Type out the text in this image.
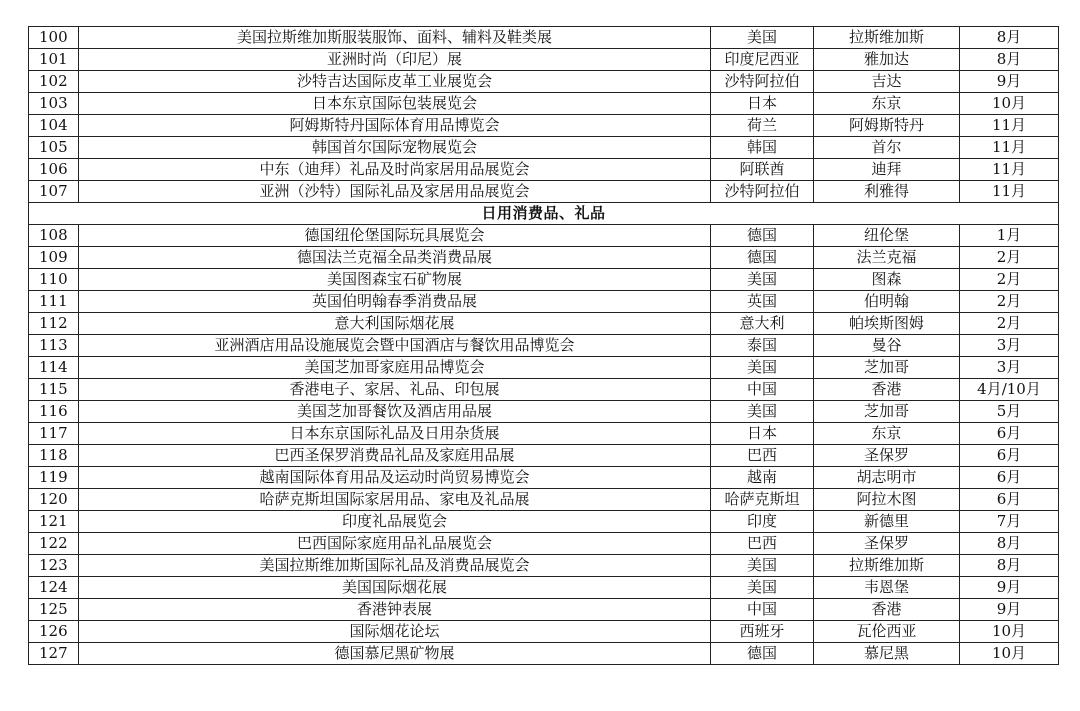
100	美国拉斯维加斯服装服饰、面料、辅料及鞋类展	美国	拉斯维加斯	8月
101	亚洲时尚（印尼）展	印度尼西亚	雅加达	8月
102	沙特吉达国际皮革工业展览会	沙特阿拉伯	吉达	9月
103	日本东京国际包装展览会	日本	东京	10月
104	阿姆斯特丹国际体育用品博览会	荷兰	阿姆斯特丹	11月
105	韩国首尔国际宠物展览会	韩国	首尔	11月
106	中东（迪拜）礼品及时尚家居用品展览会	阿联酋	迪拜	11月
107	亚洲（沙特）国际礼品及家居用品展览会	沙特阿拉伯	利雅得	11月
日用消费品、礼品				
108	德国纽伦堡国际玩具展览会	德国	纽伦堡	1月
109	德国法兰克福全品类消费品展	德国	法兰克福	2月
110	美国图森宝石矿物展	美国	图森	2月
111	英国伯明翰春季消费品展	英国	伯明翰	2月
112	意大利国际烟花展	意大利	帕埃斯图姆	2月
113	亚洲酒店用品设施展览会暨中国酒店与餐饮用品博览会	泰国	曼谷	3月
114	美国芝加哥家庭用品博览会	美国	芝加哥	3月
115	香港电子、家居、礼品、印包展	中国	香港	4月/10月
116	美国芝加哥餐饮及酒店用品展	美国	芝加哥	5月
117	日本东京国际礼品及日用杂货展	日本	东京	6月
118	巴西圣保罗消费品礼品及家庭用品展	巴西	圣保罗	6月
119	越南国际体育用品及运动时尚贸易博览会	越南	胡志明市	6月
120	哈萨克斯坦国际家居用品、家电及礼品展	哈萨克斯坦	阿拉木图	6月
121	印度礼品展览会	印度	新德里	7月
122	巴西国际家庭用品礼品展览会	巴西	圣保罗	8月
123	美国拉斯维加斯国际礼品及消费品展览会	美国	拉斯维加斯	8月
124	美国国际烟花展	美国	韦恩堡	9月
125	香港钟表展	中国	香港	9月
126	国际烟花论坛	西班牙	瓦伦西亚	10月
127	德国慕尼黑矿物展	德国	慕尼黑	10月
